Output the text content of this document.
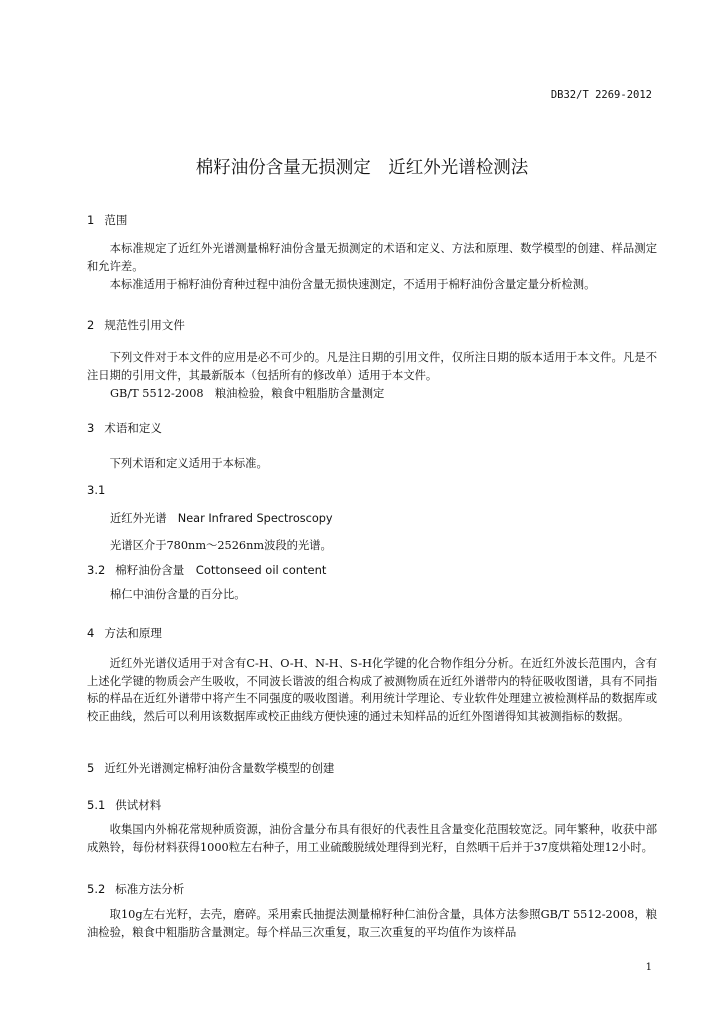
DB32/T 2269-2012
棉籽油份含量无损测定　近红外光谱检测法
1 范围
本标准规定了近红外光谱测量棉籽油份含量无损测定的术语和定义、方法和原理、数学模型的创建、样品测定和允许差。
本标准适用于棉籽油份育种过程中油份含量无损快速测定，不适用于棉籽油份含量定量分析检测。
2 规范性引用文件
下列文件对于本文件的应用是必不可少的。凡是注日期的引用文件，仅所注日期的版本适用于本文件。凡是不注日期的引用文件，其最新版本（包括所有的修改单）适用于本文件。
GB/T 5512-2008　粮油检验，粮食中粗脂肪含量测定
3 术语和定义
下列术语和定义适用于本标准。
3.1
近红外光谱　Near Infrared Spectroscopy
光谱区介于780nm～2526nm波段的光谱。
3.2 棉籽油份含量　Cottonseed oil content
棉仁中油份含量的百分比。
4 方法和原理
近红外光谱仪适用于对含有C-H、O-H、N-H、S-H化学键的化合物作组分分析。在近红外波长范围内，含有上述化学键的物质会产生吸收，不同波长谐波的组合构成了被测物质在近红外谱带内的特征吸收图谱，具有不同指标的样品在近红外谱带中将产生不同强度的吸收图谱。利用统计学理论、专业软件处理建立被检测样品的数据库或校正曲线，然后可以利用该数据库或校正曲线方便快速的通过未知样品的近红外图谱得知其被测指标的数据。
5 近红外光谱测定棉籽油份含量数学模型的创建
5.1 供试材料
收集国内外棉花常规种质资源，油份含量分布具有很好的代表性且含量变化范围较宽泛。同年繁种，收获中部成熟铃，每份材料获得1000粒左右种子，用工业硫酸脱绒处理得到光籽，自然晒干后并于37度烘箱处理12小时。
5.2 标准方法分析
取10g左右光籽，去壳，磨碎。采用索氏抽提法测量棉籽种仁油份含量，具体方法参照GB/T 5512-2008，粮油检验，粮食中粗脂肪含量测定。每个样品三次重复，取三次重复的平均值作为该样品
1
